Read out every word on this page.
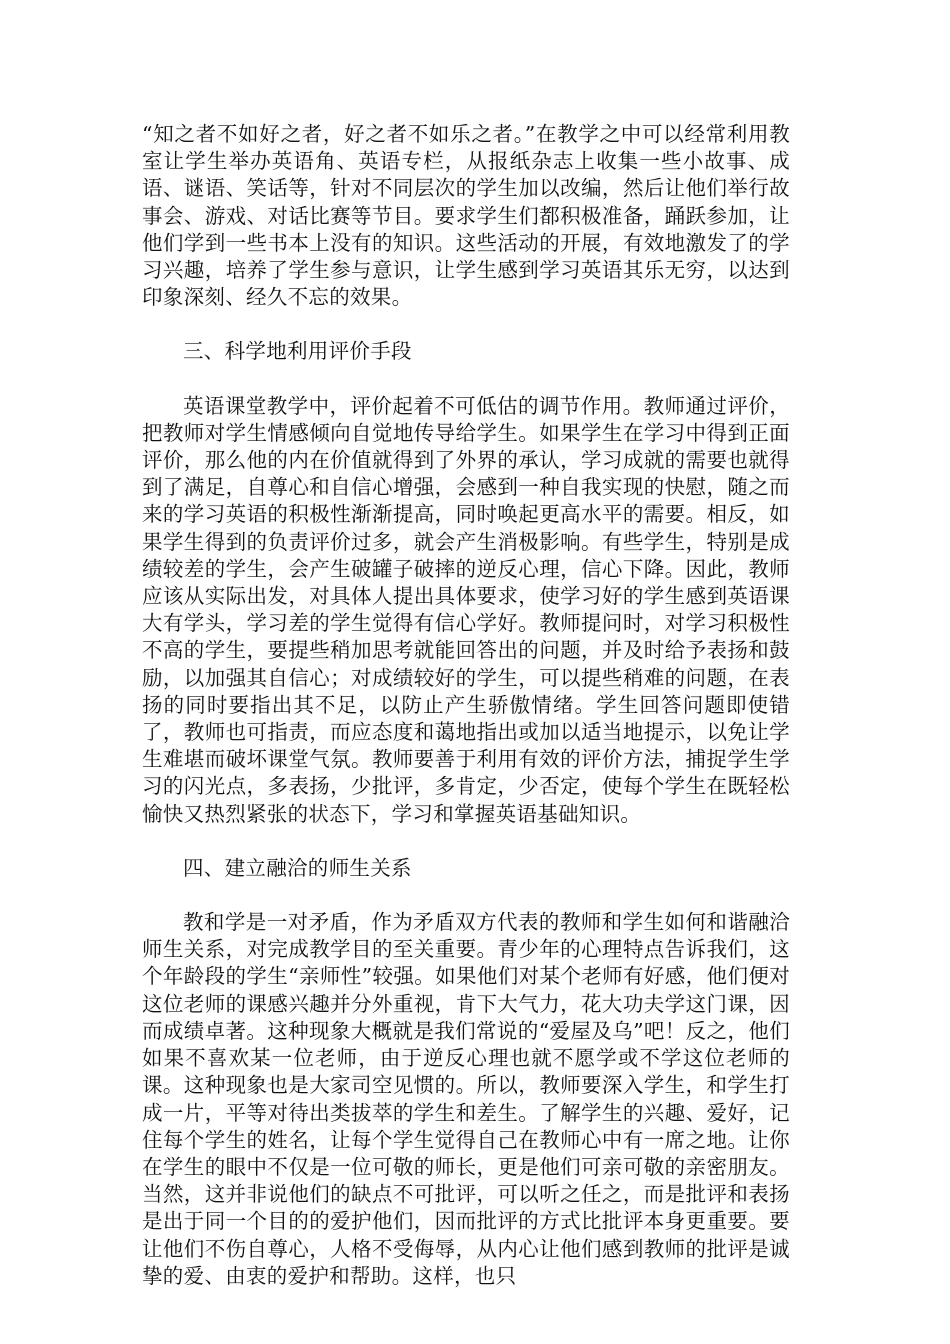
“知之者不如好之者，好之者不如乐之者。”在教学之中可以经常利用教室让学生举办英语角、英语专栏，从报纸杂志上收集一些小故事、成语、谜语、笑话等，针对不同层次的学生加以改编，然后让他们举行故事会、游戏、对话比赛等节目。要求学生们都积极准备，踊跃参加，让他们学到一些书本上没有的知识。这些活动的开展，有效地激发了的学习兴趣，培养了学生参与意识，让学生感到学习英语其乐无穷，以达到印象深刻、经久不忘的效果。

三、科学地利用评价手段

英语课堂教学中，评价起着不可低估的调节作用。教师通过评价，把教师对学生情感倾向自觉地传导给学生。如果学生在学习中得到正面评价，那么他的内在价值就得到了外界的承认，学习成就的需要也就得到了满足，自尊心和自信心增强，会感到一种自我实现的快慰，随之而来的学习英语的积极性渐渐提高，同时唤起更高水平的需要。相反，如果学生得到的负责评价过多，就会产生消极影响。有些学生，特别是成绩较差的学生，会产生破罐子破摔的逆反心理，信心下降。因此，教师应该从实际出发，对具体人提出具体要求，使学习好的学生感到英语课大有学头，学习差的学生觉得有信心学好。教师提问时，对学习积极性不高的学生，要提些稍加思考就能回答出的问题，并及时给予表扬和鼓励，以加强其自信心；对成绩较好的学生，可以提些稍难的问题，在表扬的同时要指出其不足，以防止产生骄傲情绪。学生回答问题即使错了，教师也可指责，而应态度和蔼地指出或加以适当地提示，以免让学生难堪而破坏课堂气氛。教师要善于利用有效的评价方法，捕捉学生学习的闪光点，多表扬，少批评，多肯定，少否定，使每个学生在既轻松愉快又热烈紧张的状态下，学习和掌握英语基础知识。

四、建立融洽的师生关系

教和学是一对矛盾，作为矛盾双方代表的教师和学生如何和谐融洽师生关系，对完成教学目的至关重要。青少年的心理特点告诉我们，这个年龄段的学生“亲师性”较强。如果他们对某个老师有好感，他们便对这位老师的课感兴趣并分外重视，肯下大气力，花大功夫学这门课，因而成绩卓著。这种现象大概就是我们常说的“爱屋及乌”吧！反之，他们如果不喜欢某一位老师，由于逆反心理也就不愿学或不学这位老师的课。这种现象也是大家司空见惯的。所以，教师要深入学生，和学生打成一片，平等对待出类拔萃的学生和差生。了解学生的兴趣、爱好，记住每个学生的姓名，让每个学生觉得自己在教师心中有一席之地。让你在学生的眼中不仅是一位可敬的师长，更是他们可亲可敬的亲密朋友。当然，这并非说他们的缺点不可批评，可以听之任之，而是批评和表扬是出于同一个目的的爱护他们，因而批评的方式比批评本身更重要。要让他们不伤自尊心，人格不受侮辱，从内心让他们感到教师的批评是诚挚的爱、由衷的爱护和帮助。这样，也只
